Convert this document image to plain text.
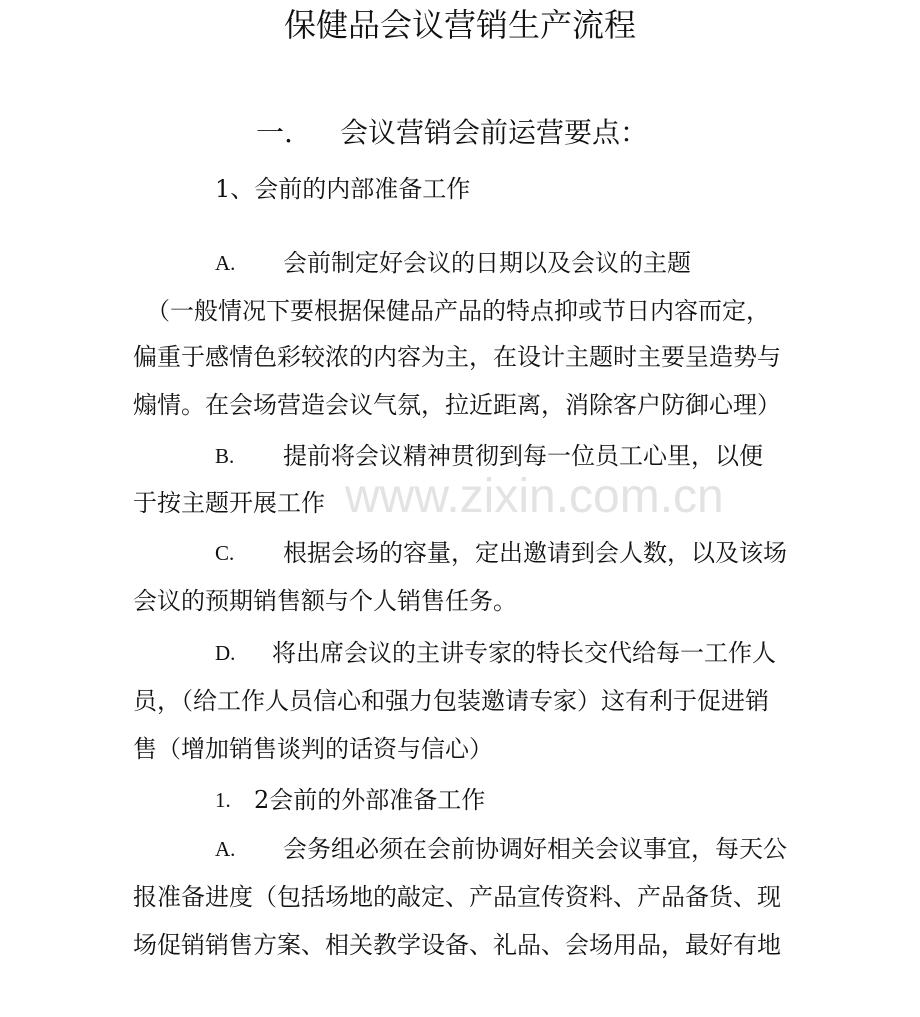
www.zixin.com.cn
保健品会议营销生产流程
一. 会议营销会前运营要点：
1、会前的内部准备工作
A. 会前制定好会议的日期以及会议的主题
（一般情况下要根据保健品产品的特点抑或节日内容而定，
偏重于感情色彩较浓的内容为主，在设计主题时主要呈造势与
煽情。在会场营造会议气氛，拉近距离，消除客户防御心理）
B. 提前将会议精神贯彻到每一位员工心里，以便
于按主题开展工作
C. 根据会场的容量，定出邀请到会人数，以及该场
会议的预期销售额与个人销售任务。
D. 将出席会议的主讲专家的特长交代给每一工作人
员，（给工作人员信心和强力包装邀请专家）这有利于促进销
售（增加销售谈判的话资与信心）
1. 2会前的外部准备工作
A. 会务组必须在会前协调好相关会议事宜，每天公
报准备进度（包括场地的敲定、产品宣传资料、产品备货、现
场促销销售方案、相关教学设备、礼品、会场用品，最好有地
